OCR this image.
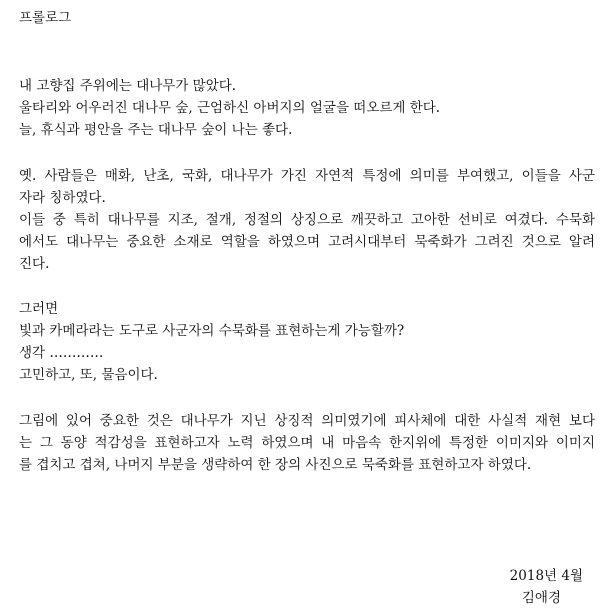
프롤로그
내 고향집 주위에는 대나무가 많았다.
울타리와 어우러진 대나무 숲, 근엄하신 아버지의 얼굴을 떠오르게 한다.
늘, 휴식과 평안을 주는 대나무 숲이 나는 좋다.
옛. 사람들은 매화, 난초, 국화, 대나무가 가진 자연적 특정에 의미를 부여했고, 이들을 사군
자라 칭하였다.
이들 중 특히 대나무를 지조, 절개, 정절의 상징으로 깨끗하고 고아한 선비로 여겼다. 수묵화
에서도 대나무는 중요한 소재로 역할을 하였으며 고려시대부터 묵죽화가 그려진 것으로 알려
진다.
그러면
빛과 카메라라는 도구로 사군자의 수묵화를 표현하는게 가능할까?
생각 …………
고민하고, 또, 물음이다.
그림에 있어 중요한 것은 대나무가 지닌 상징적 의미였기에 피사체에 대한 사실적 재현 보다
는 그 동양 적감성을 표현하고자 노력 하였으며 내 마음속 한지위에 특정한 이미지와 이미지
를 겹치고 겹쳐, 나머지 부분을 생략하여 한 장의 사진으로 묵죽화를 표현하고자 하였다.
2018년 4월
김애경
